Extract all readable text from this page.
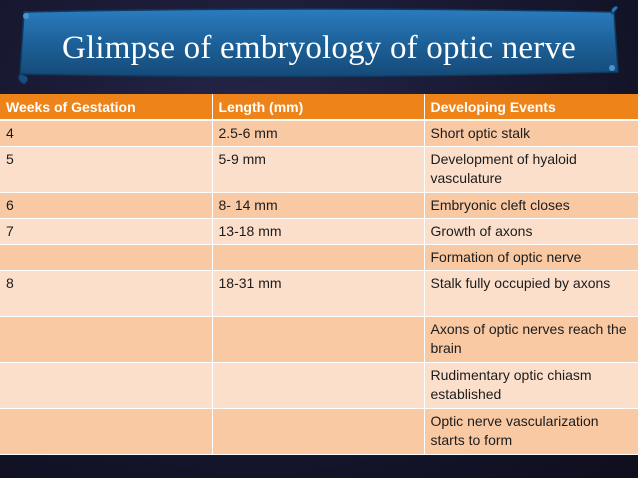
Glimpse of embryology of optic nerve
Weeks of Gestation	Length (mm)	Developing Events
4	2.5-6 mm	Short optic stalk
5	5-9 mm	Development of hyaloid vasculature
6	8- 14 mm	Embryonic cleft closes
7	13-18 mm	Growth of axons
		Formation of optic nerve
8	18-31 mm	Stalk fully occupied by axons
		Axons of optic nerves reach the brain
		Rudimentary optic chiasm established
		Optic nerve vascularization starts to form
